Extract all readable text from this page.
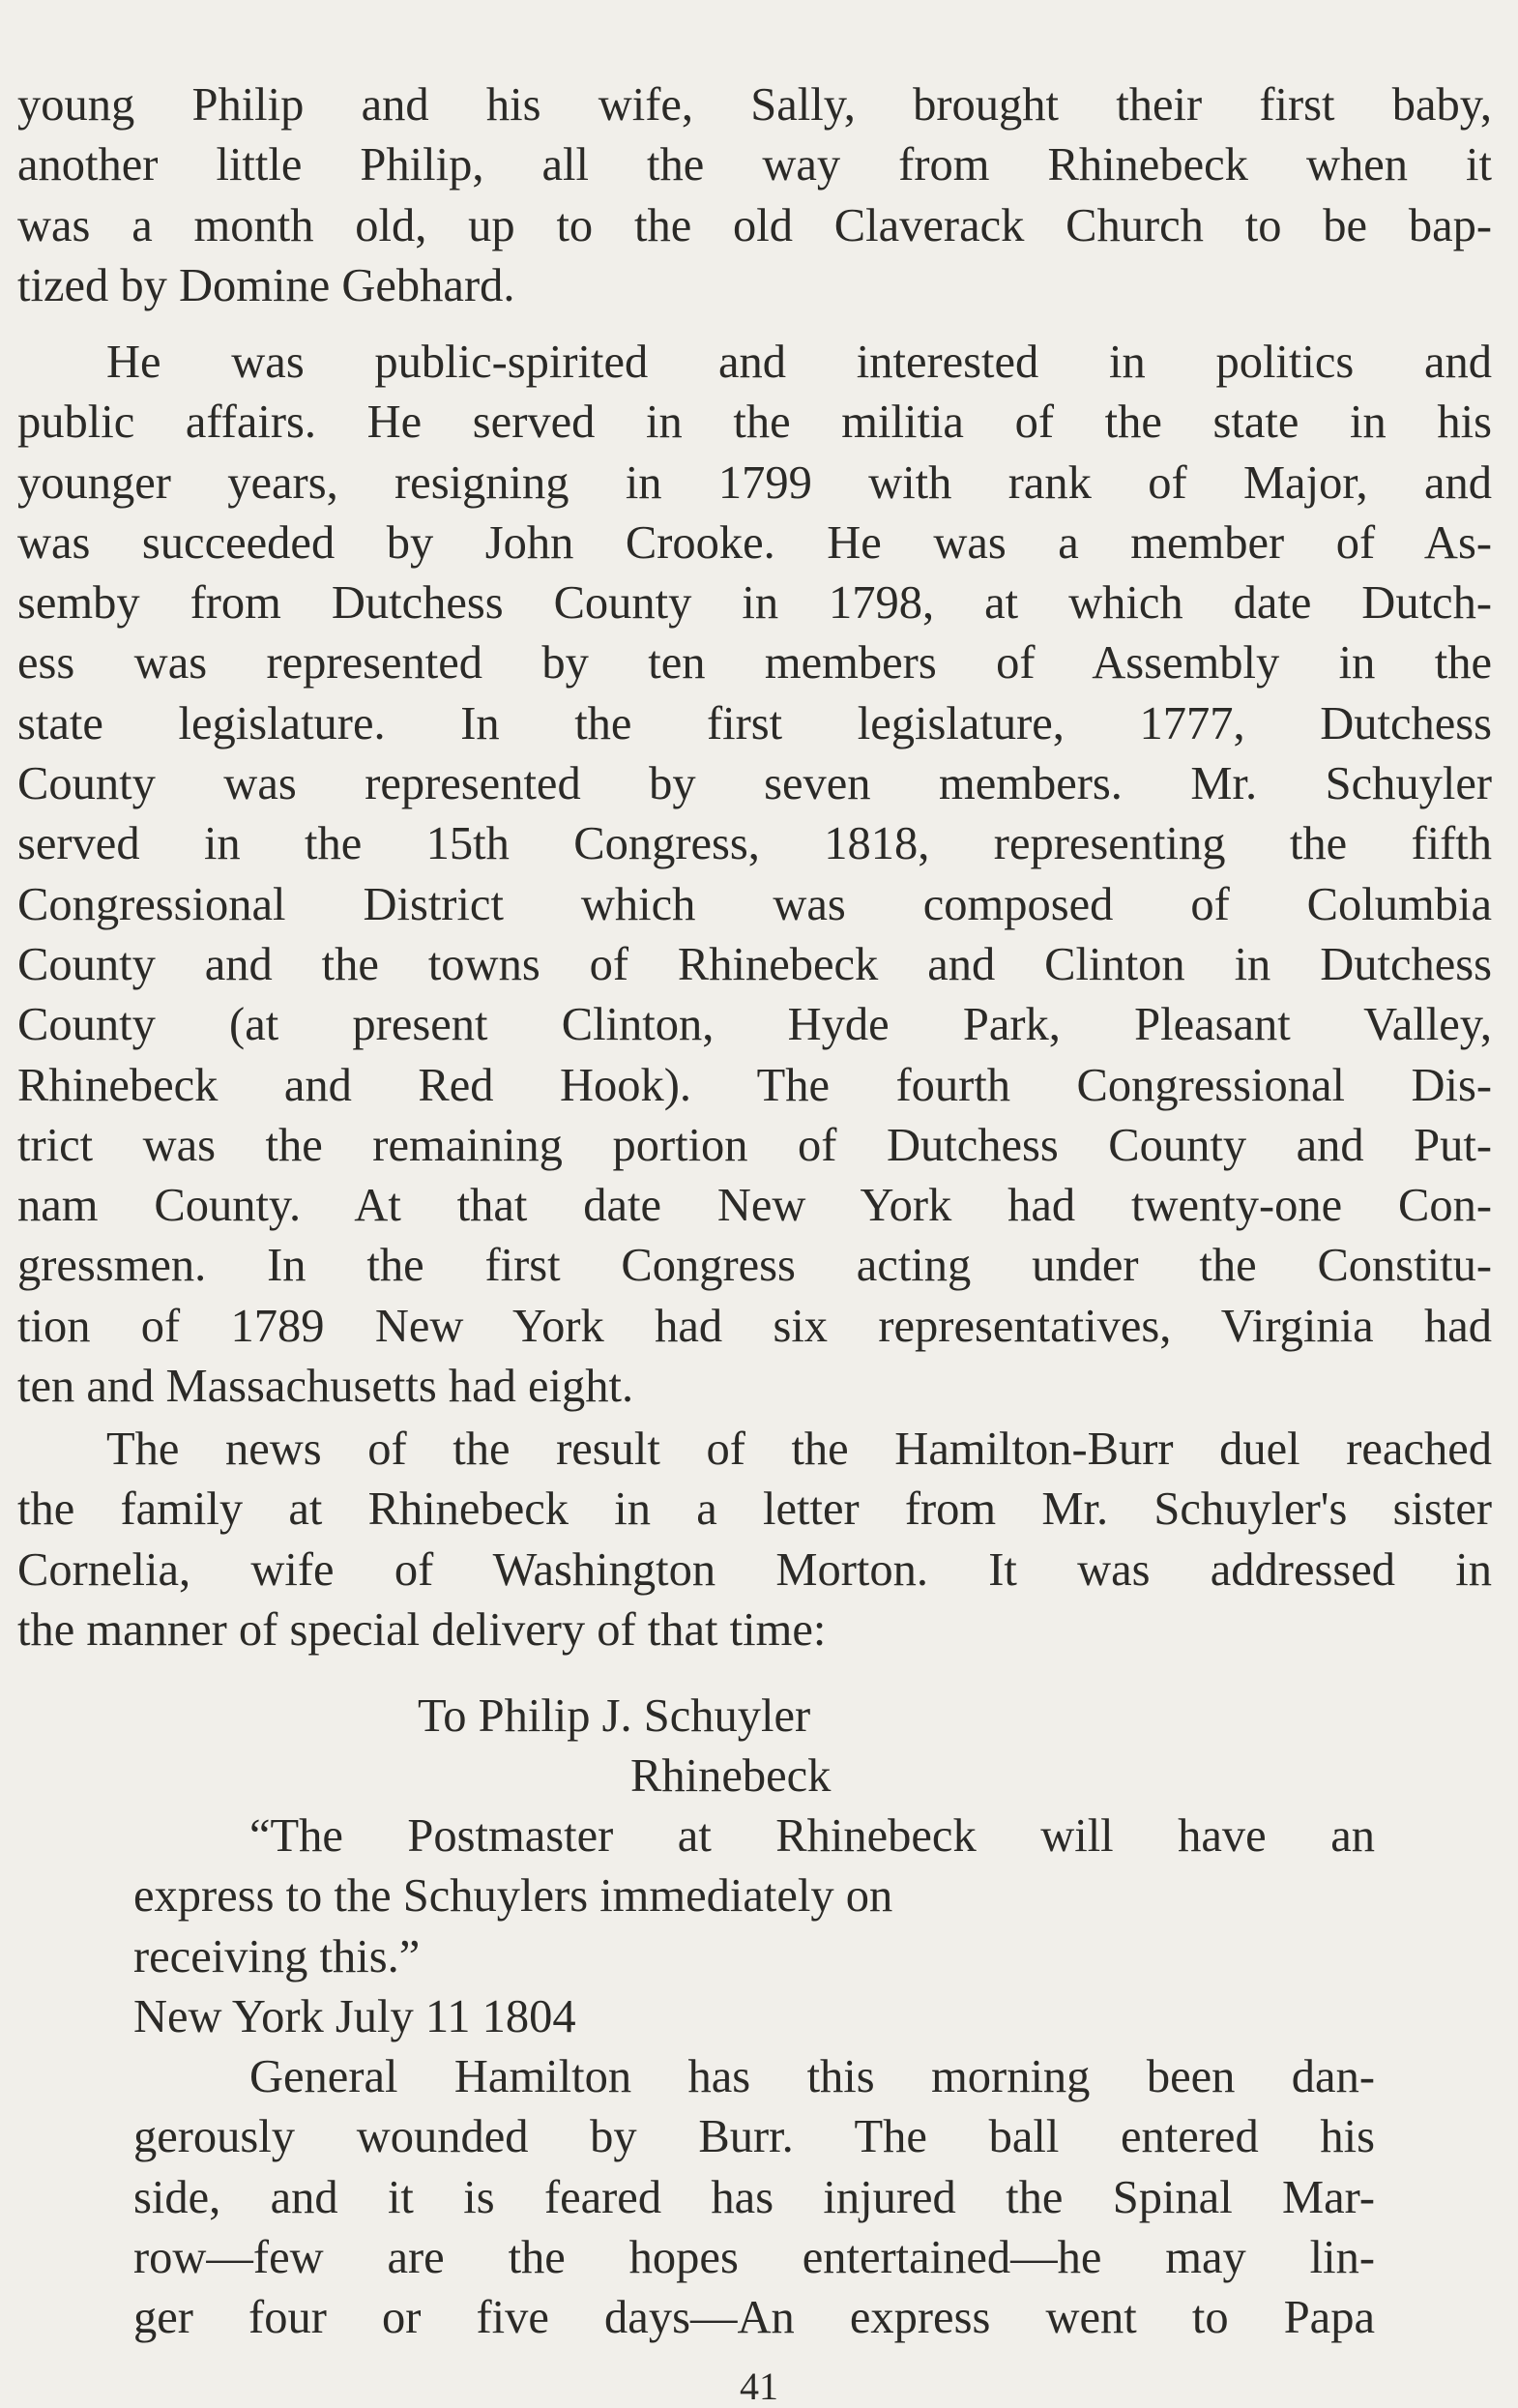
young Philip and his wife, Sally, brought their first baby,
another little Philip, all the way from Rhinebeck when it
was a month old, up to the old Claverack Church to be bap-
tized by Domine Gebhard.

He was public-spirited and interested in politics and
public affairs. He served in the militia of the state in his
younger years, resigning in 1799 with rank of Major, and
was succeeded by John Crooke. He was a member of As-
semby from Dutchess County in 1798, at which date Dutch-
ess was represented by ten members of Assembly in the
state legislature. In the first legislature, 1777, Dutchess
County was represented by seven members. Mr. Schuyler
served in the 15th Congress, 1818, representing the fifth
Congressional District which was composed of Columbia
County and the towns of Rhinebeck and Clinton in Dutchess
County (at present Clinton, Hyde Park, Pleasant Valley,
Rhinebeck and Red Hook). The fourth Congressional Dis-
trict was the remaining portion of Dutchess County and Put-
nam County. At that date New York had twenty-one Con-
gressmen. In the first Congress acting under the Constitu-
tion of 1789 New York had six representatives, Virginia had
ten and Massachusetts had eight.

The news of the result of the Hamilton-Burr duel reached
the family at Rhinebeck in a letter from Mr. Schuyler's sister
Cornelia, wife of Washington Morton. It was addressed in
the manner of special delivery of that time:

To Philip J. Schuyler

Rhinebeck

“The Postmaster at Rhinebeck will have an
express to the Schuylers immediately on
receiving this.”

New York July 11 1804

General Hamilton has this morning been dan-
gerously wounded by Burr. The ball entered his
side, and it is feared has injured the Spinal Mar-
row—few are the hopes entertained—he may lin-
ger four or five days—An express went to Papa

41
